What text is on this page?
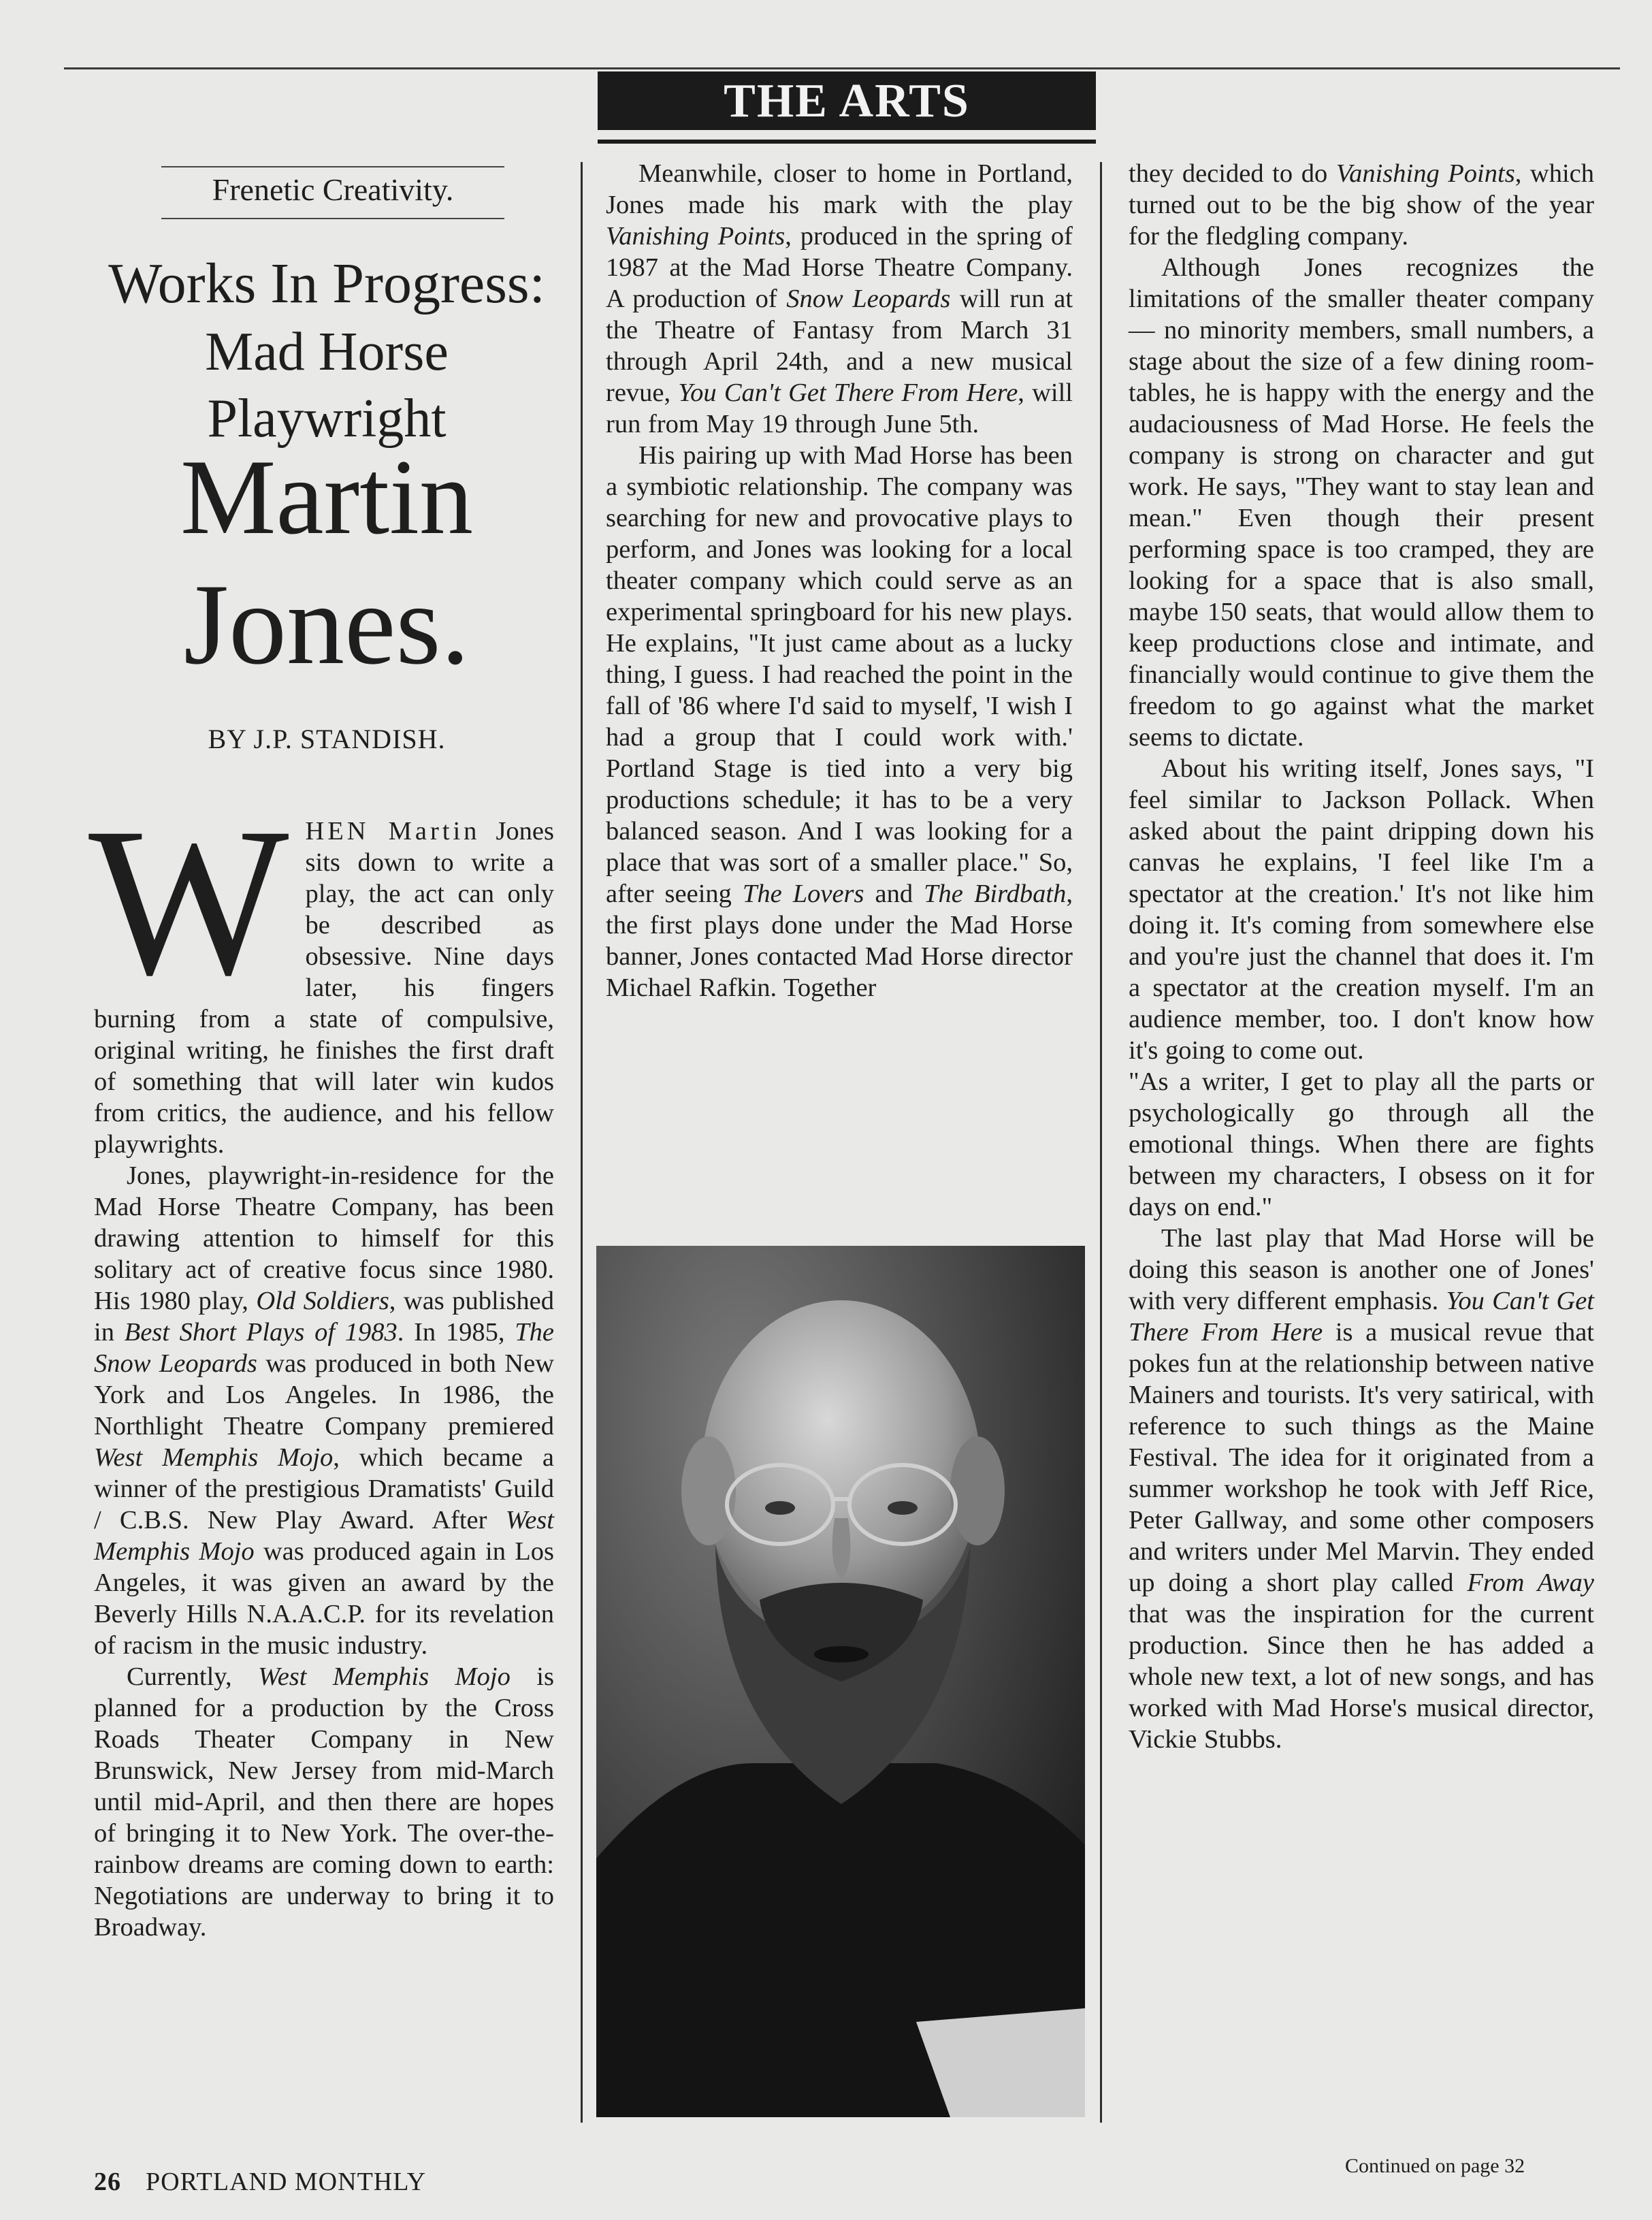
THE ARTS
Frenetic Creativity.
Works In Progress:
Mad Horse
Playwright
Martin
Jones.
BY J.P. STANDISH.

WHEN Martin Jones sits down to write a play, the act can only be described as obsessive. Nine days later, his fingers burning from a state of compulsive, original writing, he finishes the first draft of something that will later win kudos from critics, the audience, and his fellow playwrights.

Jones, playwright-in-residence for the Mad Horse Theatre Company, has been drawing attention to himself for this solitary act of creative focus since 1980. His 1980 play, Old Soldiers, was published in Best Short Plays of 1983. In 1985, The Snow Leopards was produced in both New York and Los Angeles. In 1986, the Northlight Theatre Company premiered West Memphis Mojo, which became a winner of the prestigious Dramatists' Guild / C.B.S. New Play Award. After West Memphis Mojo was produced again in Los Angeles, it was given an award by the Beverly Hills N.A.A.C.P. for its revelation of racism in the music industry.

Currently, West Memphis Mojo is planned for a production by the Cross Roads Theater Company in New Brunswick, New Jersey from mid-March until mid-April, and then there are hopes of bringing it to New York. The over-the-rainbow dreams are coming down to earth: Negotiations are underway to bring it to Broadway.

Meanwhile, closer to home in Portland, Jones made his mark with the play Vanishing Points, produced in the spring of 1987 at the Mad Horse Theatre Company. A production of Snow Leopards will run at the Theatre of Fantasy from March 31 through April 24th, and a new musical revue, You Can't Get There From Here, will run from May 19 through June 5th.

His pairing up with Mad Horse has been a symbiotic relationship. The company was searching for new and provocative plays to perform, and Jones was looking for a local theater company which could serve as an experimental springboard for his new plays. He explains, "It just came about as a lucky thing, I guess. I had reached the point in the fall of '86 where I'd said to myself, 'I wish I had a group that I could work with.' Portland Stage is tied into a very big productions schedule; it has to be a very balanced season. And I was looking for a place that was sort of a smaller place." So, after seeing The Lovers and The Birdbath, the first plays done under the Mad Horse banner, Jones contacted Mad Horse director Michael Rafkin. Together

they decided to do Vanishing Points, which turned out to be the big show of the year for the fledgling company.

Although Jones recognizes the limitations of the smaller theater company — no minority members, small numbers, a stage about the size of a few dining room-tables, he is happy with the energy and the audaciousness of Mad Horse. He feels the company is strong on character and gut work. He says, "They want to stay lean and mean." Even though their present performing space is too cramped, they are looking for a space that is also small, maybe 150 seats, that would allow them to keep productions close and intimate, and financially would continue to give them the freedom to go against what the market seems to dictate.

About his writing itself, Jones says, "I feel similar to Jackson Pollack. When asked about the paint dripping down his canvas he explains, 'I feel like I'm a spectator at the creation.' It's not like him doing it. It's coming from somewhere else and you're just the channel that does it. I'm a spectator at the creation myself. I'm an audience member, too. I don't know how it's going to come out.

"As a writer, I get to play all the parts or psychologically go through all the emotional things. When there are fights between my characters, I obsess on it for days on end."

The last play that Mad Horse will be doing this season is another one of Jones' with very different emphasis. You Can't Get There From Here is a musical revue that pokes fun at the relationship between native Mainers and tourists. It's very satirical, with reference to such things as the Maine Festival. The idea for it originated from a summer workshop he took with Jeff Rice, Peter Gallway, and some other composers and writers under Mel Marvin. They ended up doing a short play called From Away that was the inspiration for the current production. Since then he has added a whole new text, a lot of new songs, and has worked with Mad Horse's musical director, Vickie Stubbs.

Continued on page 32
26 PORTLAND MONTHLY
